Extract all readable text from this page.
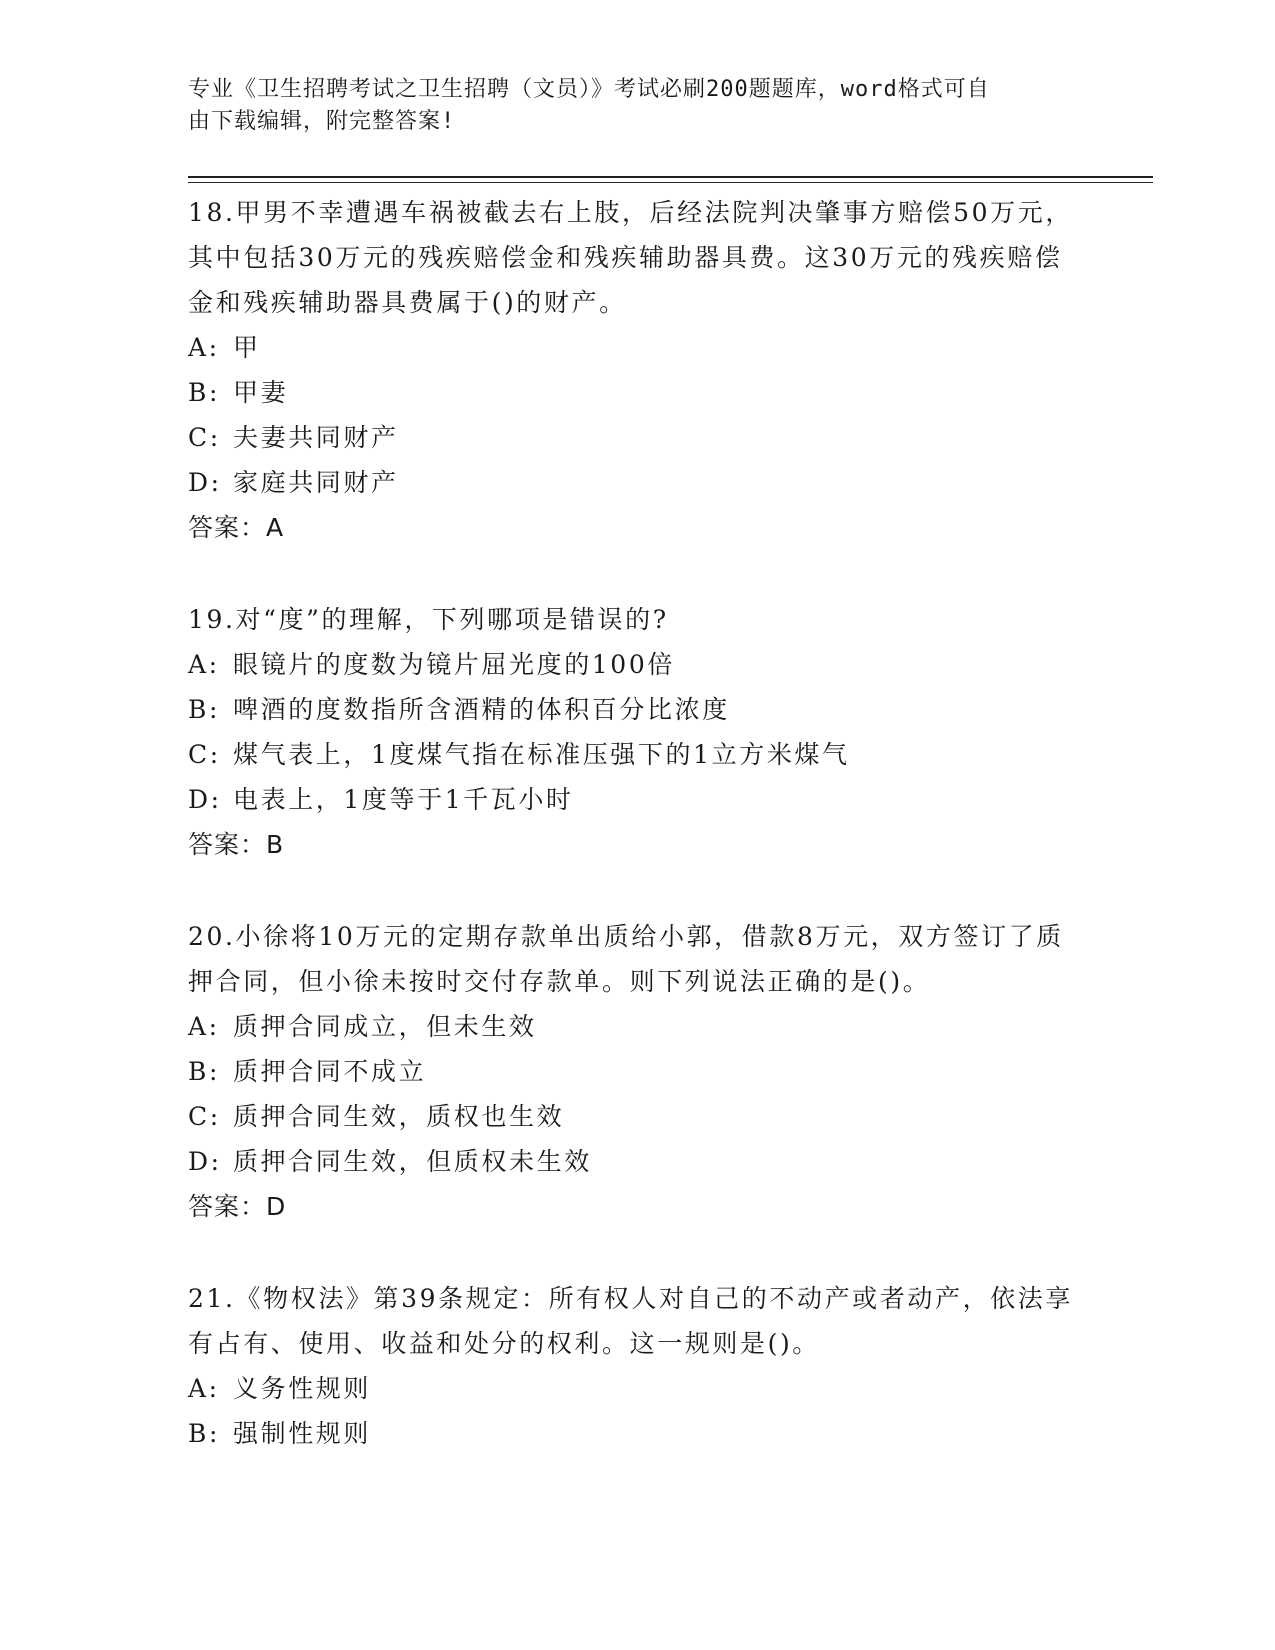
专业《卫生招聘考试之卫生招聘（文员）》考试必刷200题题库，word格式可自
由下载编辑，附完整答案!

18.甲男不幸遭遇车祸被截去右上肢，后经法院判决肇事方赔偿50万元，其中包括30万元的残疾赔偿金和残疾辅助器具费。这30万元的残疾赔偿金和残疾辅助器具费属于()的财产。

A: 甲
B: 甲妻
C: 夫妻共同财产
D: 家庭共同财产
答案：A

19.对“度”的理解，下列哪项是错误的?

A: 眼镜片的度数为镜片屈光度的100倍
B: 啤酒的度数指所含酒精的体积百分比浓度
C: 煤气表上，1度煤气指在标准压强下的1立方米煤气
D: 电表上，1度等于1千瓦小时
答案：B

20.小徐将10万元的定期存款单出质给小郭，借款8万元，双方签订了质押合同，但小徐未按时交付存款单。则下列说法正确的是()。

A: 质押合同成立，但未生效
B: 质押合同不成立
C: 质押合同生效，质权也生效
D: 质押合同生效，但质权未生效
答案：D

21.《物权法》第39条规定：所有权人对自己的不动产或者动产，依法享有占有、使用、收益和处分的权利。这一规则是()。

A: 义务性规则
B: 强制性规则
